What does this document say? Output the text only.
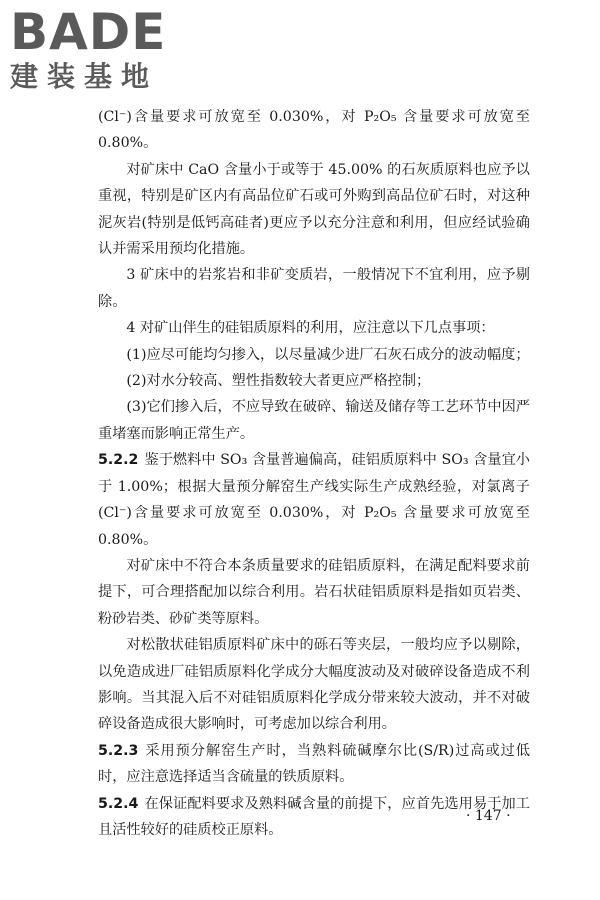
BADE
建装基地

(Cl⁻)含量要求可放宽至 0.030%，对 P₂O₅ 含量要求可放宽至 0.80%。

对矿床中 CaO 含量小于或等于 45.00% 的石灰质原料也应予以重视，特别是矿区内有高品位矿石或可外购到高品位矿石时，对这种泥灰岩(特别是低钙高硅者)更应予以充分注意和利用，但应经试验确认并需采用预均化措施。

3 矿床中的岩浆岩和非矿变质岩，一般情况下不宜利用，应予剔除。

4 对矿山伴生的硅铝质原料的利用，应注意以下几点事项：

(1)应尽可能均匀掺入，以尽量减少进厂石灰石成分的波动幅度；

(2)对水分较高、塑性指数较大者更应严格控制；

(3)它们掺入后，不应导致在破碎、输送及储存等工艺环节中因严重堵塞而影响正常生产。

5.2.2 鉴于燃料中 SO₃ 含量普遍偏高，硅铝质原料中 SO₃ 含量宜小于 1.00%；根据大量预分解窑生产线实际生产成熟经验，对氯离子(Cl⁻)含量要求可放宽至 0.030%，对 P₂O₅ 含量要求可放宽至 0.80%。

对矿床中不符合本条质量要求的硅铝质原料，在满足配料要求前提下，可合理搭配加以综合利用。岩石状硅铝质原料是指如页岩类、粉砂岩类、砂矿类等原料。

对松散状硅铝质原料矿床中的砾石等夹层，一般均应予以剔除，以免造成进厂硅铝质原料化学成分大幅度波动及对破碎设备造成不利影响。当其混入后不对硅铝质原料化学成分带来较大波动，并不对破碎设备造成很大影响时，可考虑加以综合利用。

5.2.3 采用预分解窑生产时，当熟料硫碱摩尔比(S/R)过高或过低时，应注意选择适当含硫量的铁质原料。

5.2.4 在保证配料要求及熟料碱含量的前提下，应首先选用易于加工且活性较好的硅质校正原料。

· 147 ·
